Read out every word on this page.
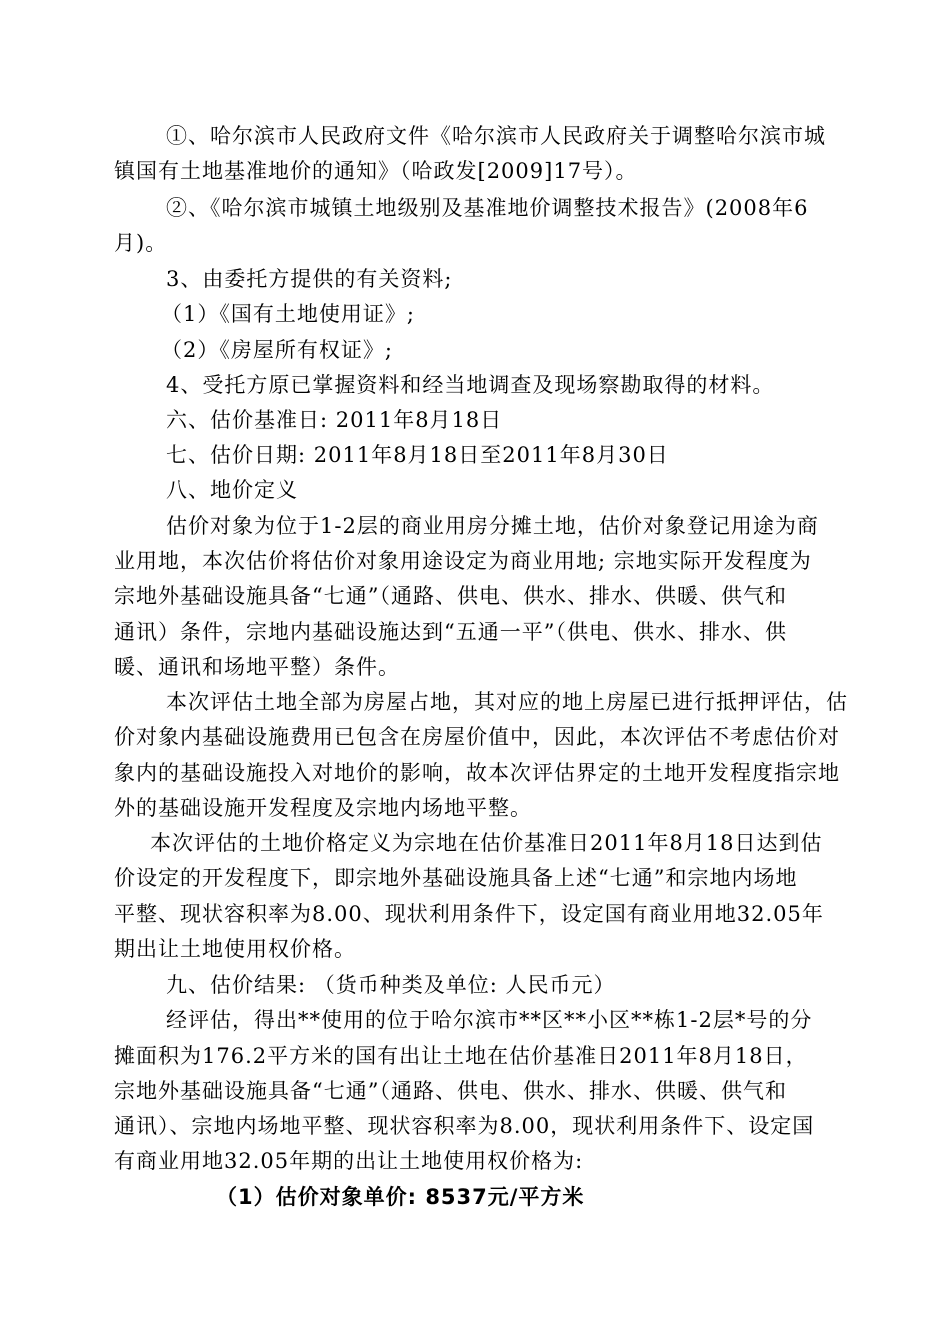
①、哈尔滨市人民政府文件《哈尔滨市人民政府关于调整哈尔滨市城
镇国有土地基准地价的通知》（哈政发[2009]17号）。
②、《哈尔滨市城镇土地级别及基准地价调整技术报告》(2008年6
月)。
3、由委托方提供的有关资料;
（1）《国有土地使用证》;
（2）《房屋所有权证》;
4、受托方原已掌握资料和经当地调查及现场察勘取得的材料。
六、估价基准日: 2011年8月18日
七、估价日期: 2011年8月18日至2011年8月30日
八、地价定义
估价对象为位于1-2层的商业用房分摊土地，估价对象登记用途为商
业用地，本次估价将估价对象用途设定为商业用地; 宗地实际开发程度为
宗地外基础设施具备“七通”（通路、供电、供水、排水、供暖、供气和
通讯）条件，宗地内基础设施达到“五通一平”（供电、供水、排水、供
暖、通讯和场地平整）条件。
本次评估土地全部为房屋占地，其对应的地上房屋已进行抵押评估，估
价对象内基础设施费用已包含在房屋价值中，因此，本次评估不考虑估价对
象内的基础设施投入对地价的影响，故本次评估界定的土地开发程度指宗地
外的基础设施开发程度及宗地内场地平整。
本次评估的土地价格定义为宗地在估价基准日2011年8月18日达到估
价设定的开发程度下，即宗地外基础设施具备上述“七通”和宗地内场地
平整、现状容积率为8.00、现状利用条件下，设定国有商业用地32.05年
期出让土地使用权价格。
九、估价结果: （货币种类及单位: 人民币元）
经评估，得出**使用的位于哈尔滨市**区**小区**栋1-2层*号的分
摊面积为176.2平方米的国有出让土地在估价基准日2011年8月18日，
宗地外基础设施具备“七通”（通路、供电、供水、排水、供暖、供气和
通讯）、宗地内场地平整、现状容积率为8.00，现状利用条件下、设定国
有商业用地32.05年期的出让土地使用权价格为:
（1）估价对象单价: 8537元/平方米
